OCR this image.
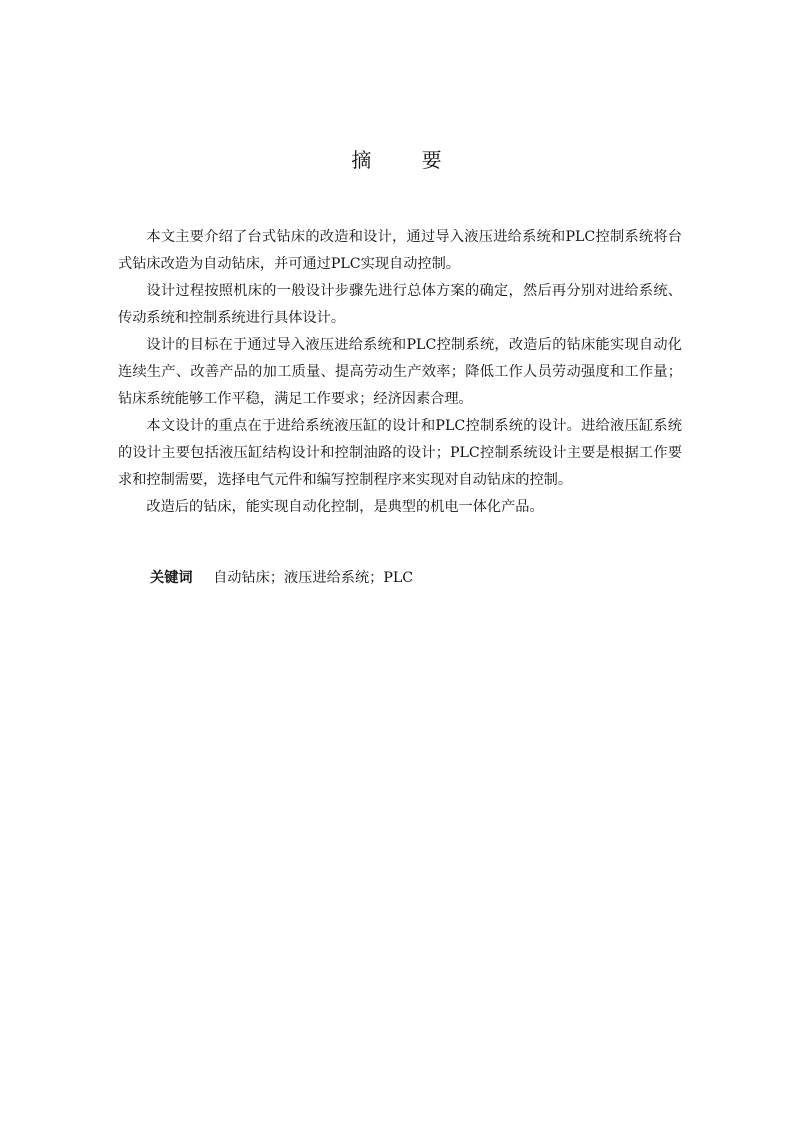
摘 要

本文主要介绍了台式钻床的改造和设计，通过导入液压进给系统和PLC控制系统将台式钻床改造为自动钻床，并可通过PLC实现自动控制。

设计过程按照机床的一般设计步骤先进行总体方案的确定，然后再分别对进给系统、传动系统和控制系统进行具体设计。

设计的目标在于通过导入液压进给系统和PLC控制系统，改造后的钻床能实现自动化连续生产、改善产品的加工质量、提高劳动生产效率；降低工作人员劳动强度和工作量；钻床系统能够工作平稳，满足工作要求；经济因素合理。

本文设计的重点在于进给系统液压缸的设计和PLC控制系统的设计。进给液压缸系统的设计主要包括液压缸结构设计和控制油路的设计；PLC控制系统设计主要是根据工作要求和控制需要，选择电气元件和编写控制程序来实现对自动钻床的控制。

改造后的钻床，能实现自动化控制，是典型的机电一体化产品。

关键词 自动钻床；液压进给系统；PLC
